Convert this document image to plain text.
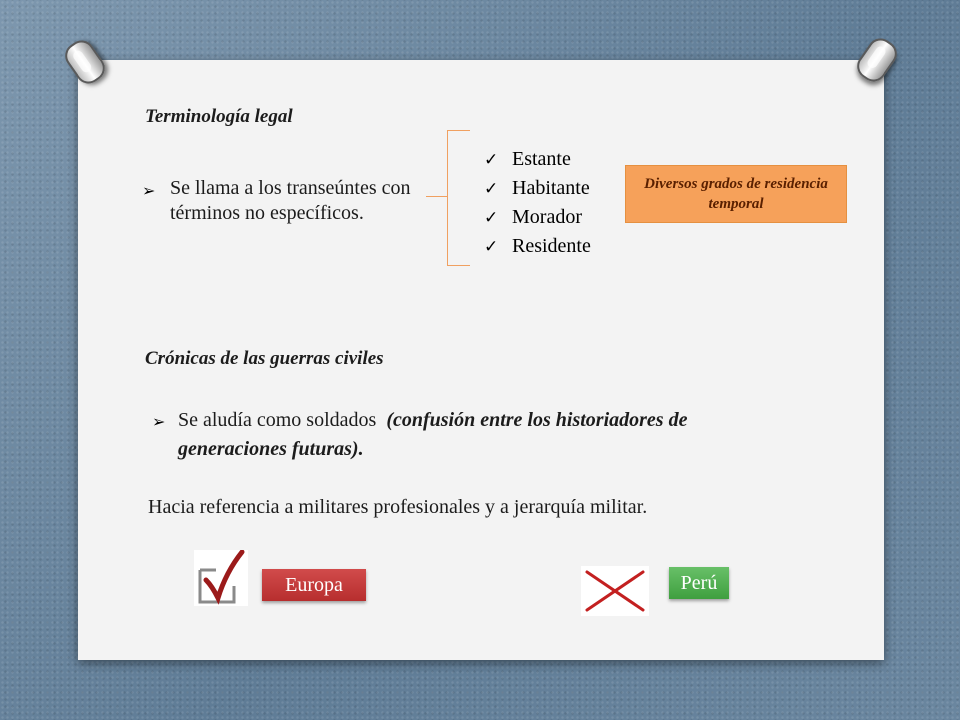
Terminología legal

➢ Se llama a los transeúntes con términos no específicos.

✓ Estante
✓ Habitante
✓ Morador
✓ Residente
Diversos grados de residencia temporal

Crónicas de las guerras civiles

➢ Se aludía como soldados (confusión entre los historiadores de

generaciones futuras).

Hacia referencia a militares profesionales y a jerarquía militar.

Europa	Perú
